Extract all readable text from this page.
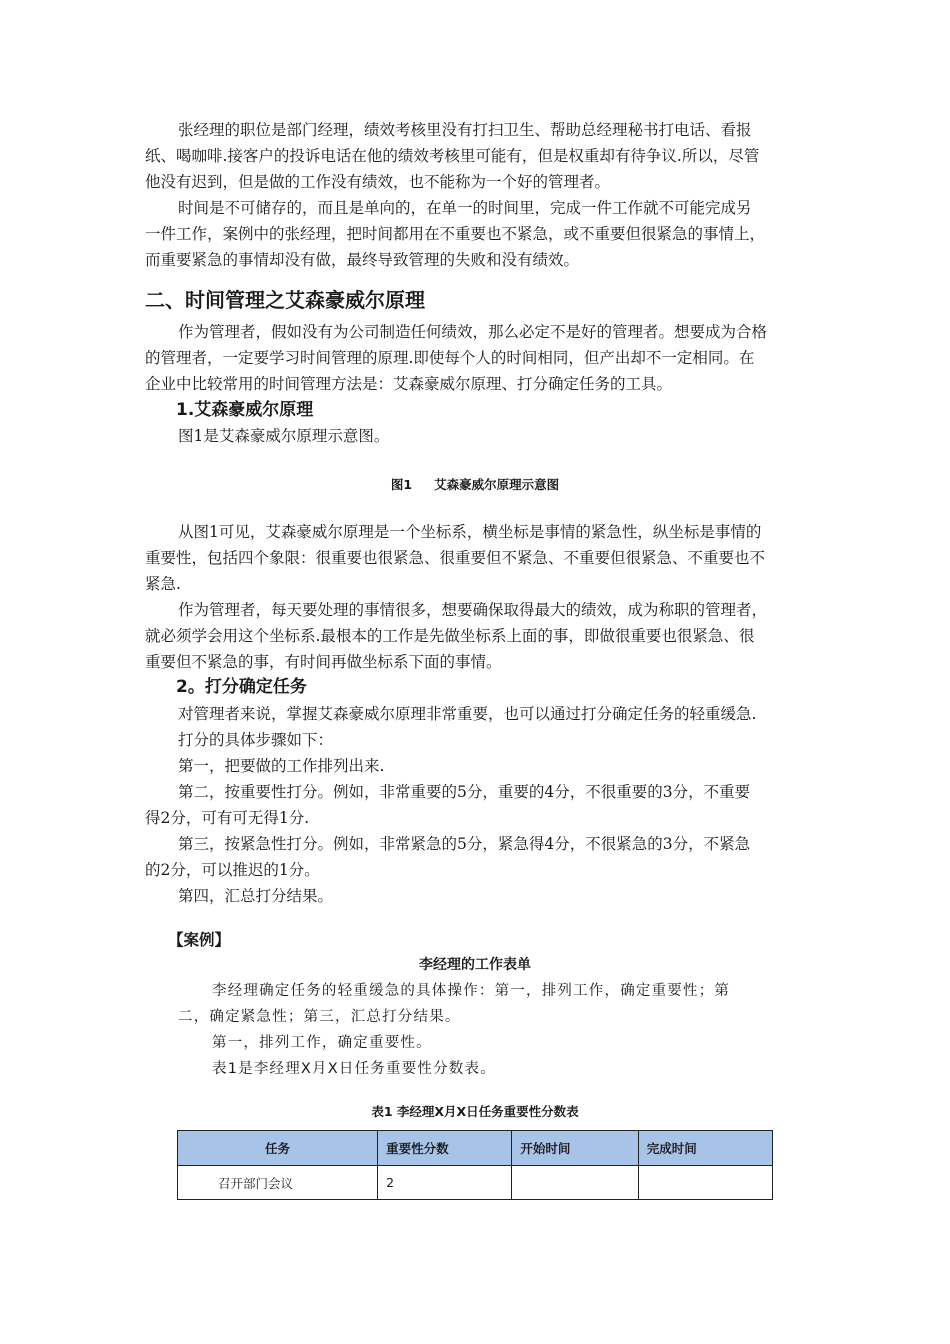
张经理的职位是部门经理，绩效考核里没有打扫卫生、帮助总经理秘书打电话、看报

纸、喝咖啡.接客户的投诉电话在他的绩效考核里可能有，但是权重却有待争议.所以，尽管

他没有迟到，但是做的工作没有绩效，也不能称为一个好的管理者。

时间是不可储存的，而且是单向的，在单一的时间里，完成一件工作就不可能完成另

一件工作，案例中的张经理，把时间都用在不重要也不紧急，或不重要但很紧急的事情上，

而重要紧急的事情却没有做，最终导致管理的失败和没有绩效。

二、时间管理之艾森豪威尔原理

作为管理者，假如没有为公司制造任何绩效，那么必定不是好的管理者。想要成为合格

的管理者，一定要学习时间管理的原理.即使每个人的时间相同，但产出却不一定相同。在

企业中比较常用的时间管理方法是：艾森豪威尔原理、打分确定任务的工具。

1.艾森豪威尔原理

图1是艾森豪威尔原理示意图。

图1 艾森豪威尔原理示意图

从图1可见，艾森豪威尔原理是一个坐标系，横坐标是事情的紧急性，纵坐标是事情的

重要性，包括四个象限：很重要也很紧急、很重要但不紧急、不重要但很紧急、不重要也不

紧急.

作为管理者，每天要处理的事情很多，想要确保取得最大的绩效，成为称职的管理者，

就必须学会用这个坐标系.最根本的工作是先做坐标系上面的事，即做很重要也很紧急、很

重要但不紧急的事，有时间再做坐标系下面的事情。

2。打分确定任务

对管理者来说，掌握艾森豪威尔原理非常重要，也可以通过打分确定任务的轻重缓急.

打分的具体步骤如下：

第一，把要做的工作排列出来.

第二，按重要性打分。例如，非常重要的5分，重要的4分，不很重要的3分，不重要

得2分，可有可无得1分.

第三，按紧急性打分。例如，非常紧急的5分，紧急得4分，不很紧急的3分，不紧急

的2分，可以推迟的1分。

第四，汇总打分结果。

【案例】

李经理的工作表单

李经理确定任务的轻重缓急的具体操作：第一，排列工作，确定重要性；第

二，确定紧急性；第三，汇总打分结果。

第一，排列工作，确定重要性。

表1是李经理X月X日任务重要性分数表。

表1 李经理X月X日任务重要性分数表

任务	重要性分数	开始时间	完成时间
召开部门会议	2		
